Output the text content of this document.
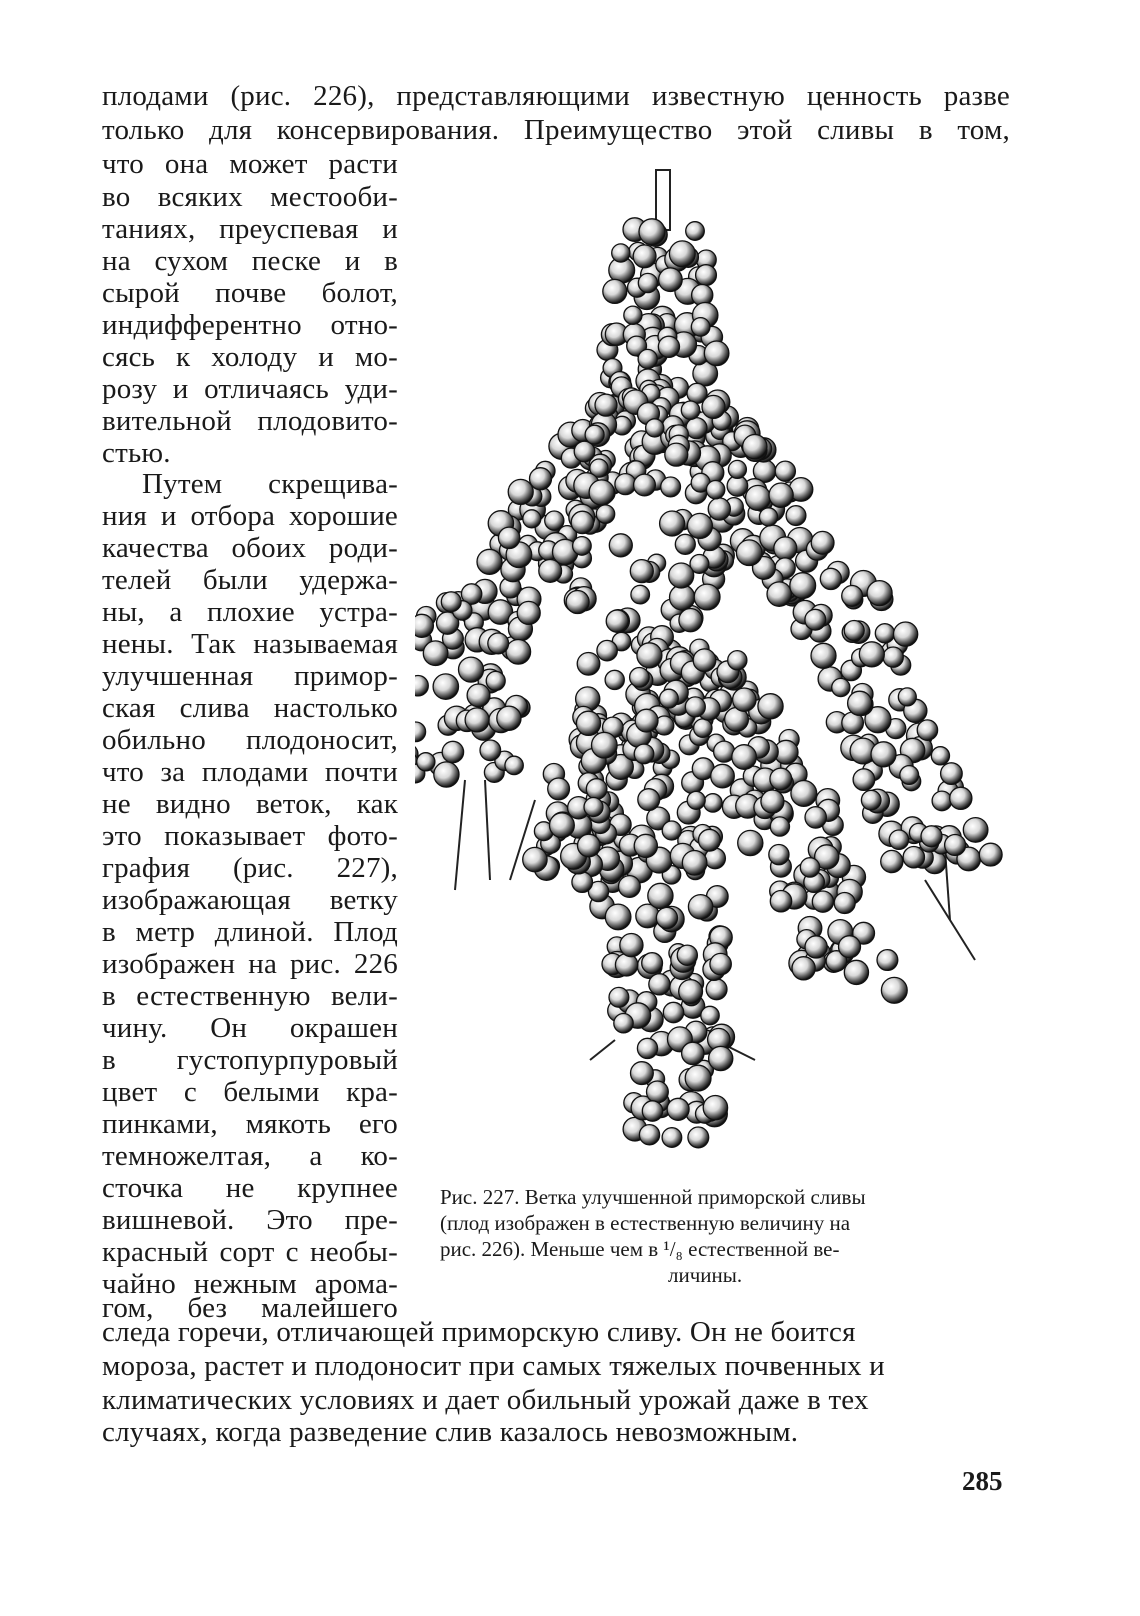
плодами (рис. 226), представляющими известную ценность разве
только для консервирования. Преимущество этой сливы в том,
что она может расти
во всяких местооби-
таниях, преуспевая и
на сухом песке и в
сырой почве болот,
индифферентно отно-
сясь к холоду и мо-
розу и отличаясь уди-
вительной плодовито-
стью.
Путем скрещива-
ния и отбора хорошие
качества обоих роди-
телей были удержа-
ны, а плохие устра-
нены. Так называемая
улучшенная примор-
ская слива настолько
обильно плодоносит,
что за плодами почти
не видно веток, как
это показывает фото-
графия (рис. 227),
изображающая ветку
в метр длиной. Плод
изображен на рис. 226
в естественную вели-
чину. Он окрашен
в густопурпуровый
цвет с белыми кра-
пинками, мякоть его
темножелтая, а ко-
сточка не крупнее
вишневой. Это пре-
красный сорт с необы-
чайно нежным арома-
гом, без малейшего
Рис. 227. Ветка улучшенной приморской сливы
(плод изображен в естественную величину на
рис. 226). Меньше чем в ¹/₈ естественной ве-
личины.
следа горечи, отличающей приморскую сливу. Он не боится
мороза, растет и плодоносит при самых тяжелых почвенных и
климатических условиях и дает обильный урожай даже в тех
случаях, когда разведение слив казалось невозможным.
285
